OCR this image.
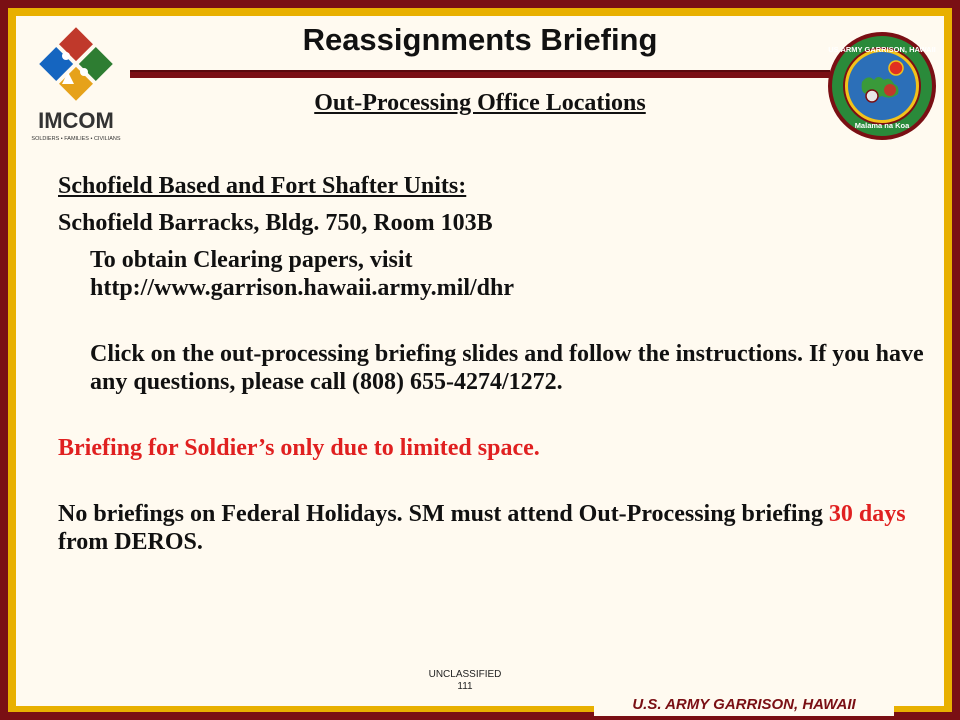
IMCOM
SOLDIERS • FAMILIES • CIVILIANS
US ARMY GARRISON, HAWAII
Malama na Koa
Reassignments Briefing
Out-Processing Office Locations

Schofield Based and Fort Shafter Units:

Schofield Barracks, Bldg. 750, Room 103B

To obtain Clearing papers, visit

http://www.garrison.hawaii.army.mil/dhr

Click on the out-processing briefing slides and follow the instructions. If you have any questions, please call (808) 655-4274/1272.

Briefing for Soldier’s only due to limited space.

No briefings on Federal Holidays. SM must attend Out-Processing briefing 30 days from DEROS.

UNCLASSIFIED
111
U.S. ARMY GARRISON, HAWAII
